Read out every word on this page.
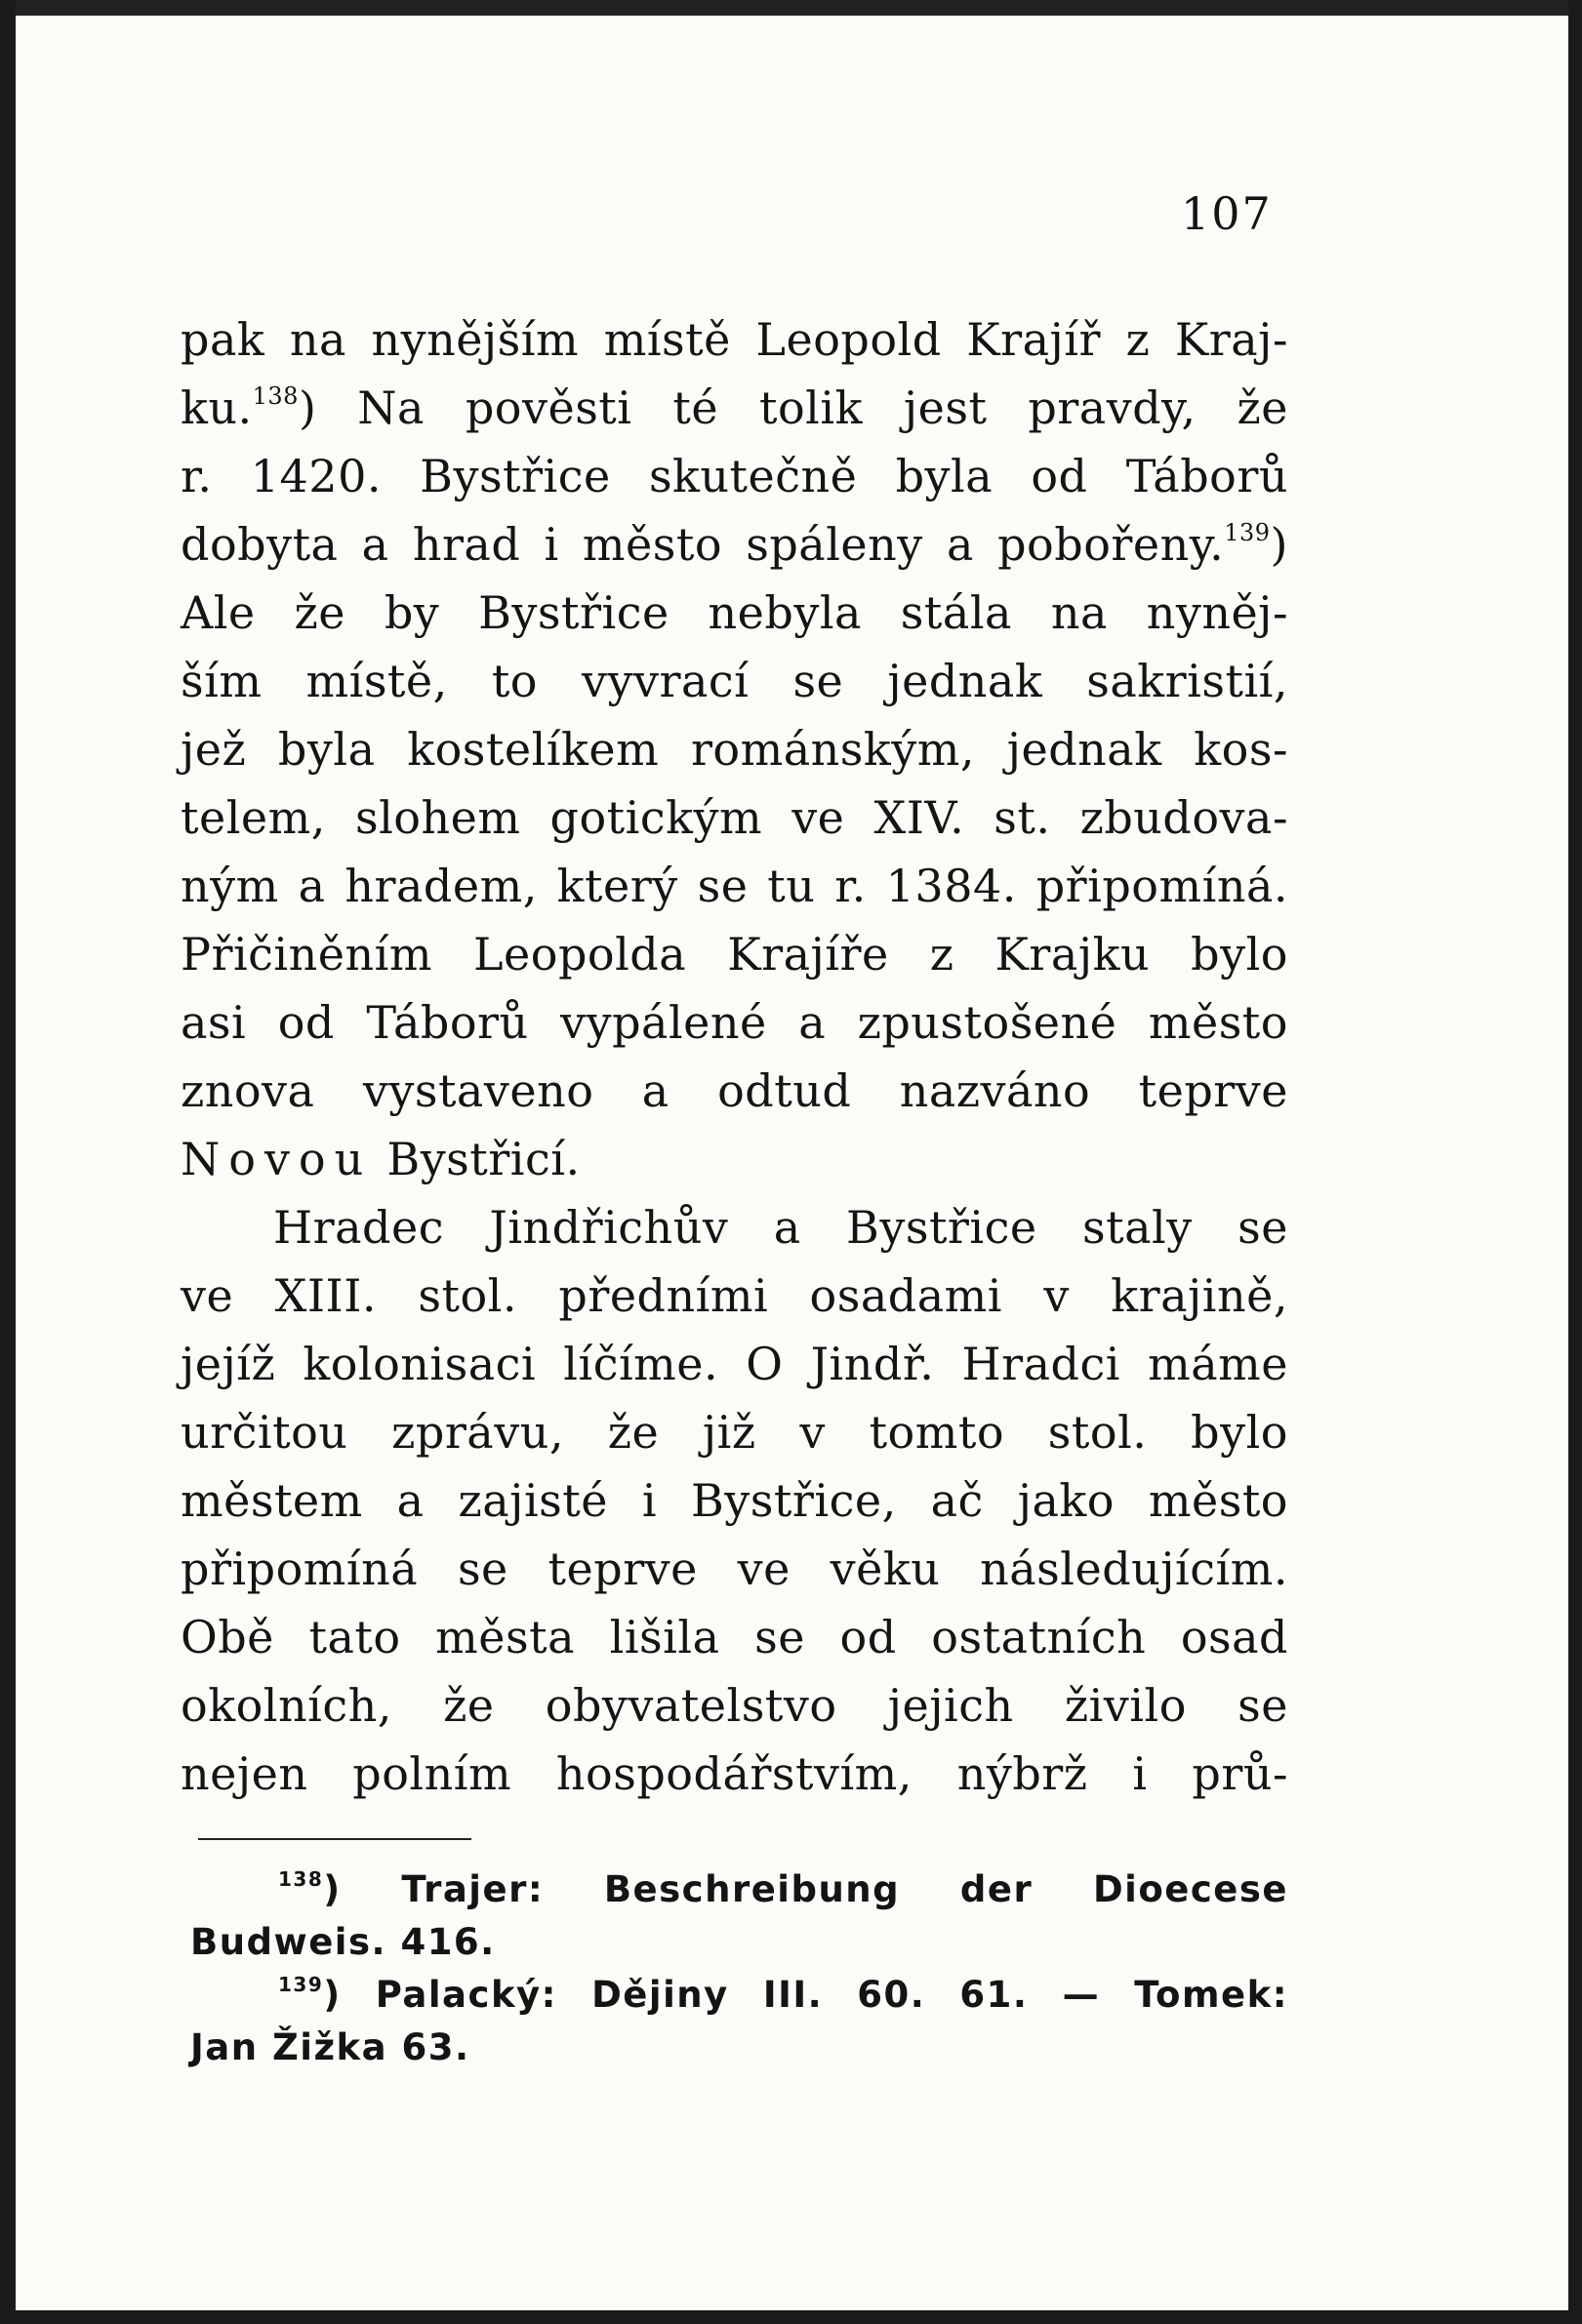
107
pak na nynějším místě Leopold Krajíř z Kraj-
ku.$^{138}$) Na pověsti té tolik jest pravdy, že
r. 1420. Bystřice skutečně byla od Táborů
dobyta a hrad i město spáleny a pobořeny.$^{139}$)
Ale že by Bystřice nebyla stála na nyněj-
ším místě, to vyvrací se jednak sakristií,
jež byla kostelíkem románským, jednak kos-
telem, slohem gotickým ve XIV. st. zbudova-
ným a hradem, který se tu r. 1384. připomíná.
Přičiněním Leopolda Krajíře z Krajku bylo
asi od Táborů vypálené a zpustošené město
znova vystaveno a odtud nazváno teprve
Novou Bystřicí.
Hradec Jindřichův a Bystřice staly se
ve XIII. stol. předními osadami v krajině,
jejíž kolonisaci líčíme. O Jindř. Hradci máme
určitou zprávu, že již v tomto stol. bylo
městem a zajisté i Bystřice, ač jako město
připomíná se teprve ve věku následujícím.
Obě tato města lišila se od ostatních osad
okolních, že obyvatelstvo jejich živilo se
nejen polním hospodářstvím, nýbrž i prů-
$^{138}$) Trajer: Beschreibung der Dioecese
Budweis. 416.
$^{139}$) Palacký: Dějiny III. 60. 61. — Tomek:
Jan Žižka 63.
